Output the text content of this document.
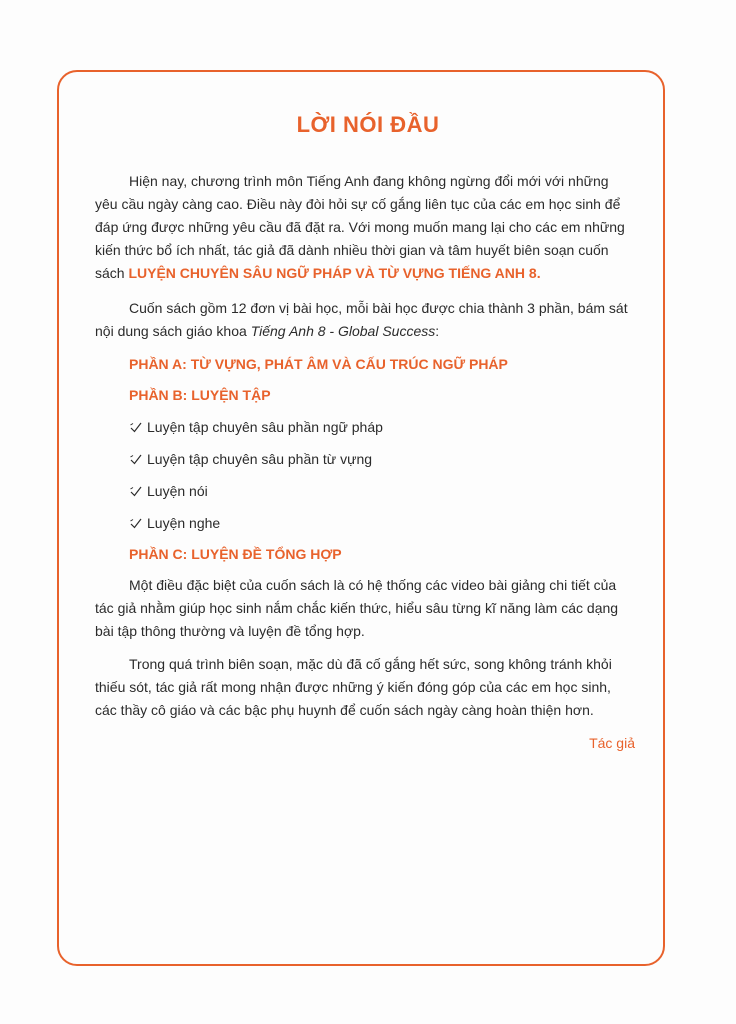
LỜI NÓI ĐẦU

Hiện nay, chương trình môn Tiếng Anh đang không ngừng đổi mới với những yêu cầu ngày càng cao. Điều này đòi hỏi sự cố gắng liên tục của các em học sinh để đáp ứng được những yêu cầu đã đặt ra. Với mong muốn mang lại cho các em những kiến thức bổ ích nhất, tác giả đã dành nhiều thời gian và tâm huyết biên soạn cuốn sách LUYỆN CHUYÊN SÂU NGỮ PHÁP VÀ TỪ VỰNG TIẾNG ANH 8.

Cuốn sách gồm 12 đơn vị bài học, mỗi bài học được chia thành 3 phần, bám sát nội dung sách giáo khoa Tiếng Anh 8 - Global Success:

PHẦN A: TỪ VỰNG, PHÁT ÂM VÀ CẤU TRÚC NGỮ PHÁP
PHẦN B: LUYỆN TẬP
Luyện tập chuyên sâu phần ngữ pháp
Luyện tập chuyên sâu phần từ vựng
Luyện nói
Luyện nghe
PHẦN C: LUYỆN ĐỀ TỔNG HỢP

Một điều đặc biệt của cuốn sách là có hệ thống các video bài giảng chi tiết của tác giả nhằm giúp học sinh nắm chắc kiến thức, hiểu sâu từng kĩ năng làm các dạng bài tập thông thường và luyện đề tổng hợp.

Trong quá trình biên soạn, mặc dù đã cố gắng hết sức, song không tránh khỏi thiếu sót, tác giả rất mong nhận được những ý kiến đóng góp của các em học sinh, các thầy cô giáo và các bậc phụ huynh để cuốn sách ngày càng hoàn thiện hơn.

Tác giả
